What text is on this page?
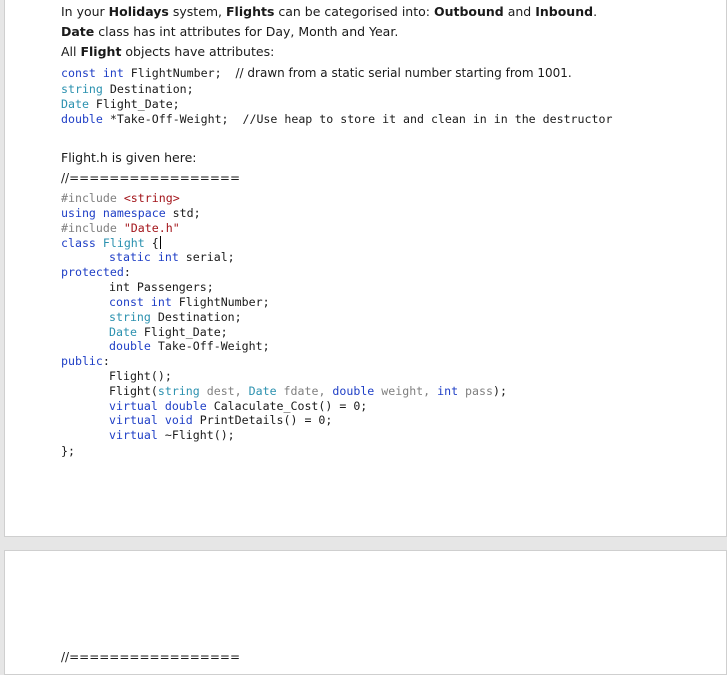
In your Holidays system, Flights can be categorised into: Outbound and Inbound.
Date class has int attributes for Day, Month and Year.
All Flight objects have attributes:
const int FlightNumber;  // drawn from a static serial number starting from 1001.
string Destination;
Date Flight_Date;
double *Take-Off-Weight;  //Use heap to store it and clean in in the destructor
Flight.h is given here:
//=================
#include <string>
using namespace std;
#include "Date.h"
class Flight {
static int serial;
protected:
int Passengers;
const int FlightNumber;
string Destination;
Date Flight_Date;
double Take-Off-Weight;
public:
Flight();
Flight(string dest, Date fdate, double weight, int pass);
virtual double Calaculate_Cost() = 0;
virtual void PrintDetails() = 0;
virtual ~Flight();
};
//=================
